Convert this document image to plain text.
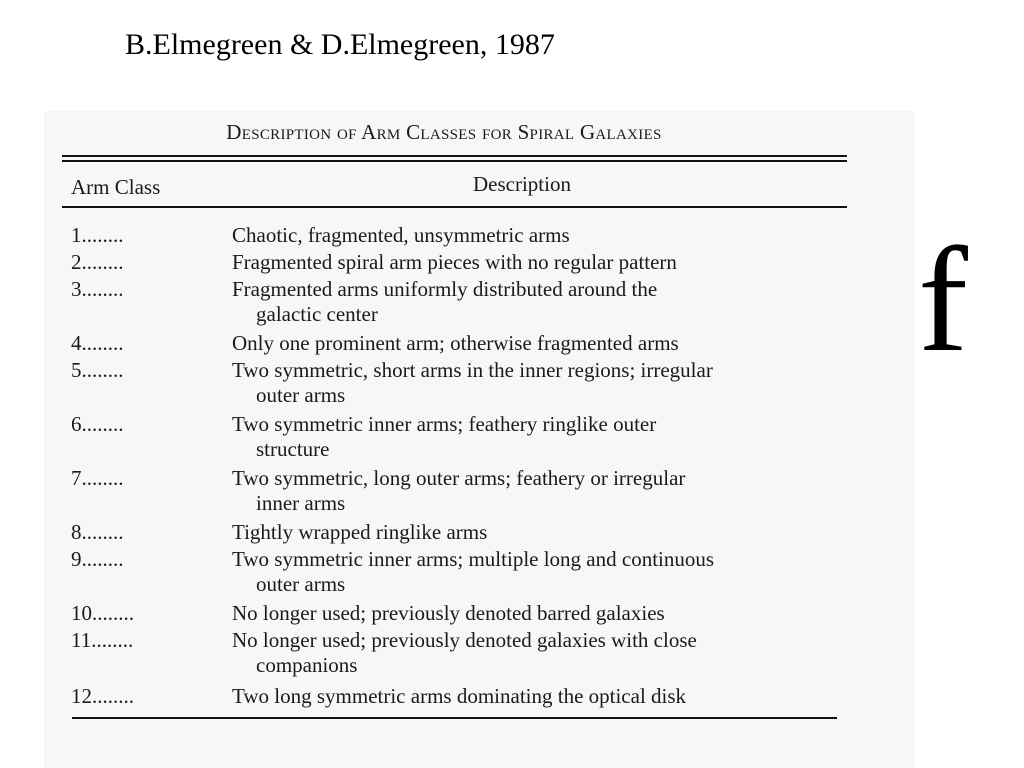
B.Elmegreen & D.Elmegreen, 1987
f
Description of Arm Classes for Spiral Galaxies
Arm Class	Description
1........	Chaotic, fragmented, unsymmetric arms
2........	Fragmented spiral arm pieces with no regular pattern
3........	Fragmented arms uniformly distributed around the
galactic center
4........	Only one prominent arm; otherwise fragmented arms
5........	Two symmetric, short arms in the inner regions; irregular
outer arms
6........	Two symmetric inner arms; feathery ringlike outer
structure
7........	Two symmetric, long outer arms; feathery or irregular
inner arms
8........	Tightly wrapped ringlike arms
9........	Two symmetric inner arms; multiple long and continuous
outer arms
10........	No longer used; previously denoted barred galaxies
11........	No longer used; previously denoted galaxies with close
companions
12........	Two long symmetric arms dominating the optical disk
